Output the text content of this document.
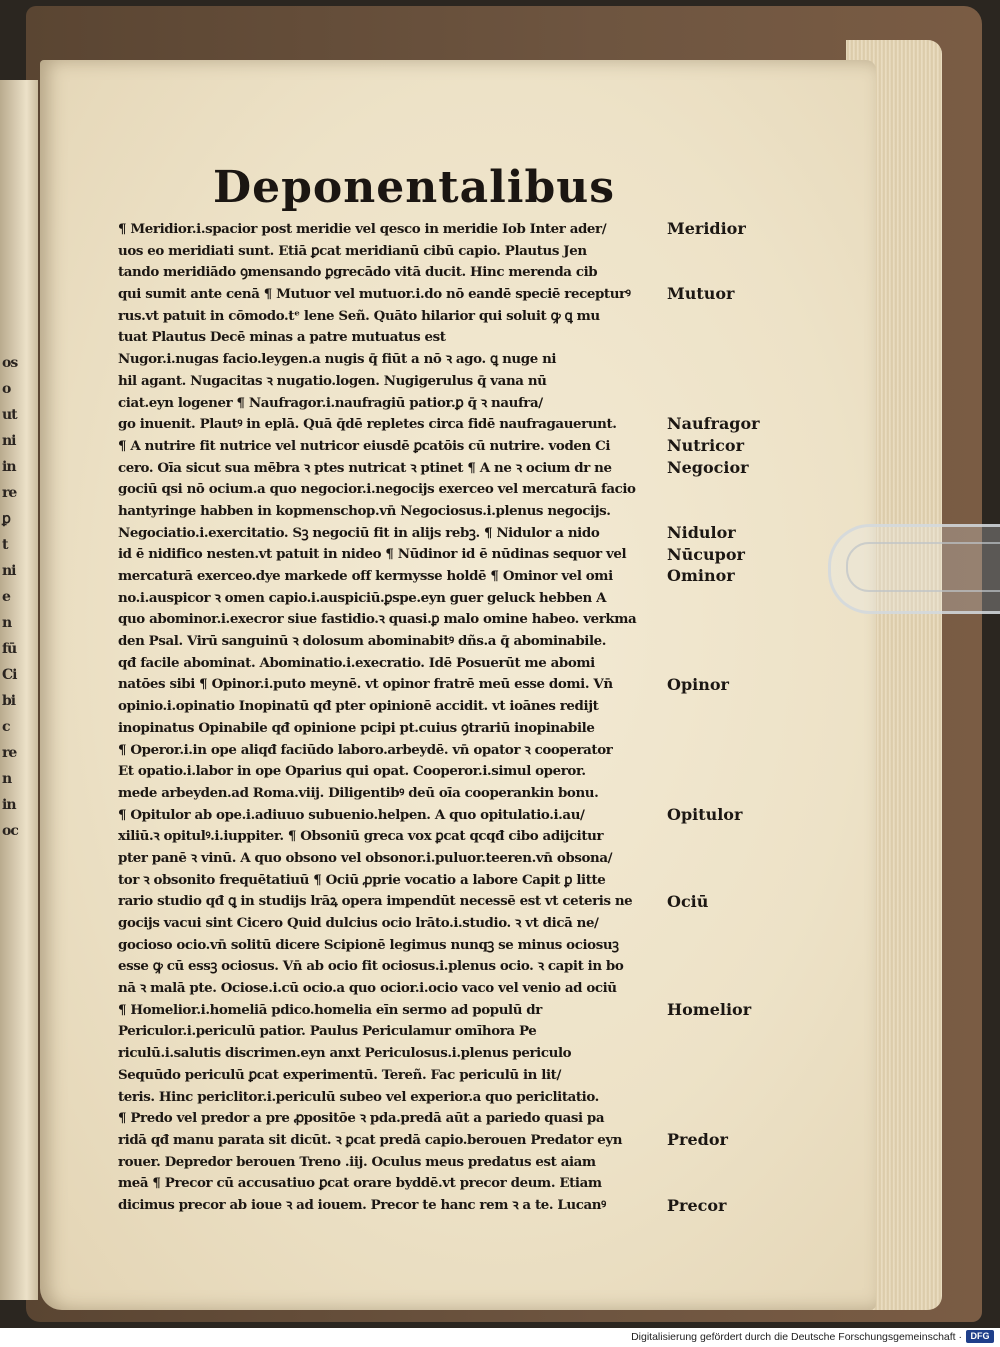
os
o
ut
ni
in
re
ꝑ
t
ni
e
n
fū
Ci
bi
c
re
n
in
oc
Deponentalibus
¶ Meridior.i.spacior post meridie vel qesco in meridie Iob Inter ader/
uos eo meridiati sunt. Etiā ꝑcat meridianū cibū capio. Plautus Jen
tando meridiādo ꝯmensando ꝑgrecādo vitā ducit. Hinc merenda cib
qui sumit ante cenā ¶ Mutuor vel mutuor.i.do nō eandē speciē recepturꝰ
rus.vt patuit in cōmodo.tᵉ lene Señ. Quāto hilarior qui soluit ꝙ ꝗ mu
tuat Plautus Decē minas a patre mutuatus est
Nugor.i.nugas facio.leygen.a nugis q̄ fiūt a nō ꝛ ago. ꝗ nuge ni
hil agant. Nugacitas ꝛ nugatio.logen. Nugigerulus q̄ vana nū
ciat.eyn logener ¶ Naufragor.i.naufragiū patior.ꝑ q̄ ꝛ naufra/
go inuenit. Plautꝰ in eplā. Quā q̄dē repletes circa fidē naufragauerunt.
¶ A nutrire fit nutrice vel nutricor eiusdē ꝑcatōis cū nutrire. voden Ci
cero. Oīa sicut sua mēbra ꝛ ptes nutricat ꝛ ptinet ¶ A ne ꝛ ocium dr ne
gociū qsi nō ocium.a quo negocior.i.negocijs exerceo vel mercaturā facio
hantyringe habben in kopmenschop.vn̄ Negociosus.i.plenus negocijs.
Negociatio.i.exercitatio. Sꝫ negociū fit in alijs rebꝫ. ¶ Nidulor a nido
id ē nidifico nesten.vt patuit in nideo ¶ Nūdinor id ē nūdinas sequor vel
mercaturā exerceo.dye markede off kermysse holdē ¶ Ominor vel omi
no.i.auspicor ꝛ omen capio.i.auspiciū.ꝑspe.eyn guer geluck hebben A
quo abominor.i.execror siue fastidio.ꝛ quasi.ꝑ malo omine habeo. verkma
den Psal. Virū sanguinū ꝛ dolosum abominabitꝰ dñs.a q̄ abominabile.
qđ facile abominat. Abominatio.i.execratio. Idē Posuerūt me abomi
natōes sibi ¶ Opinor.i.puto meynē. vt opinor fratrē meū esse domi. Vn̄
opinio.i.opinatio Inopinatū qđ pter opinionē accidit. vt ioānes redijt
inopinatus Opinabile qđ opinione pcipi pt.cuius ꝯtrariū inopinabile
¶ Operor.i.in ope aliqđ faciūdo laboro.arbeydē. vn̄ opator ꝛ cooperator
Et opatio.i.labor in ope Oparius qui opat. Cooperor.i.simul operor.
mede arbeyden.ad Roma.viij. Diligentibꝰ deū oīa cooperankin bonu.
¶ Opitulor ab ope.i.adiuuo subuenio.helpen. A quo opitulatio.i.au/
xiliū.ꝛ opitulꝰ.i.iuppiter. ¶ Obsoniū greca vox ꝑcat qcqđ cibo adijcitur
pter panē ꝛ vinū. A quo obsono vel obsonor.i.puluor.teeren.vn̄ obsona/
tor ꝛ obsonito frequētatiuū ¶ Ociū ꝓprie vocatio a labore Capit ꝑ litte
rario studio qđ ꝗ in studijs lrāꝝ opera impendūt necessē est vt ceteris ne
gocijs vacui sint Cicero Quid dulcius ocio lrāto.i.studio. ꝛ vt dicā ne/
gocioso ocio.vn̄ solitū dicere Scipionē legimus nunqꝫ se minus ociosuꝫ
esse ꝙ cū essꝫ ociosus. Vn̄ ab ocio fit ociosus.i.plenus ocio. ꝛ capit in bo
nā ꝛ malā pte. Ociose.i.cū ocio.a quo ocior.i.ocio vaco vel venio ad ociū
¶ Homelior.i.homeliā pdico.homelia eīn sermo ad populū dr
Periculor.i.periculū patior. Paulus Periculamur omīhora Pe
riculū.i.salutis discrimen.eyn anxt Periculosus.i.plenus periculo
Sequūdo periculū ꝑcat experimentū. Tereñ. Fac periculū in lit/
teris. Hinc periclitor.i.periculū subeo vel experior.a quo periclitatio.
¶ Predo vel predor a pre ꝓpositōe ꝛ pda.predā aūt a pariedo quasi pa
ridā qđ manu parata sit dicūt. ꝛ ꝑcat predā capio.berouen Predator eyn
rouer. Depredor berouen Treno .iij. Oculus meus predatus est aiam
meā ¶ Precor cū accusatiuo ꝑcat orare byddē.vt precor deum. Etiam
dicimus precor ab ioue ꝛ ad iouem. Precor te hanc rem ꝛ a te. Lucanꝰ
Meridior
Mutuor
Naufragor
Nutricor
Negocior
Nidulor
Nūcupor
Ominor
Opinor
Opitulor
Ociū
Homelior
Predor
Precor
Digitalisierung gefördert durch die Deutsche Forschungsgemeinschaft · DFG
